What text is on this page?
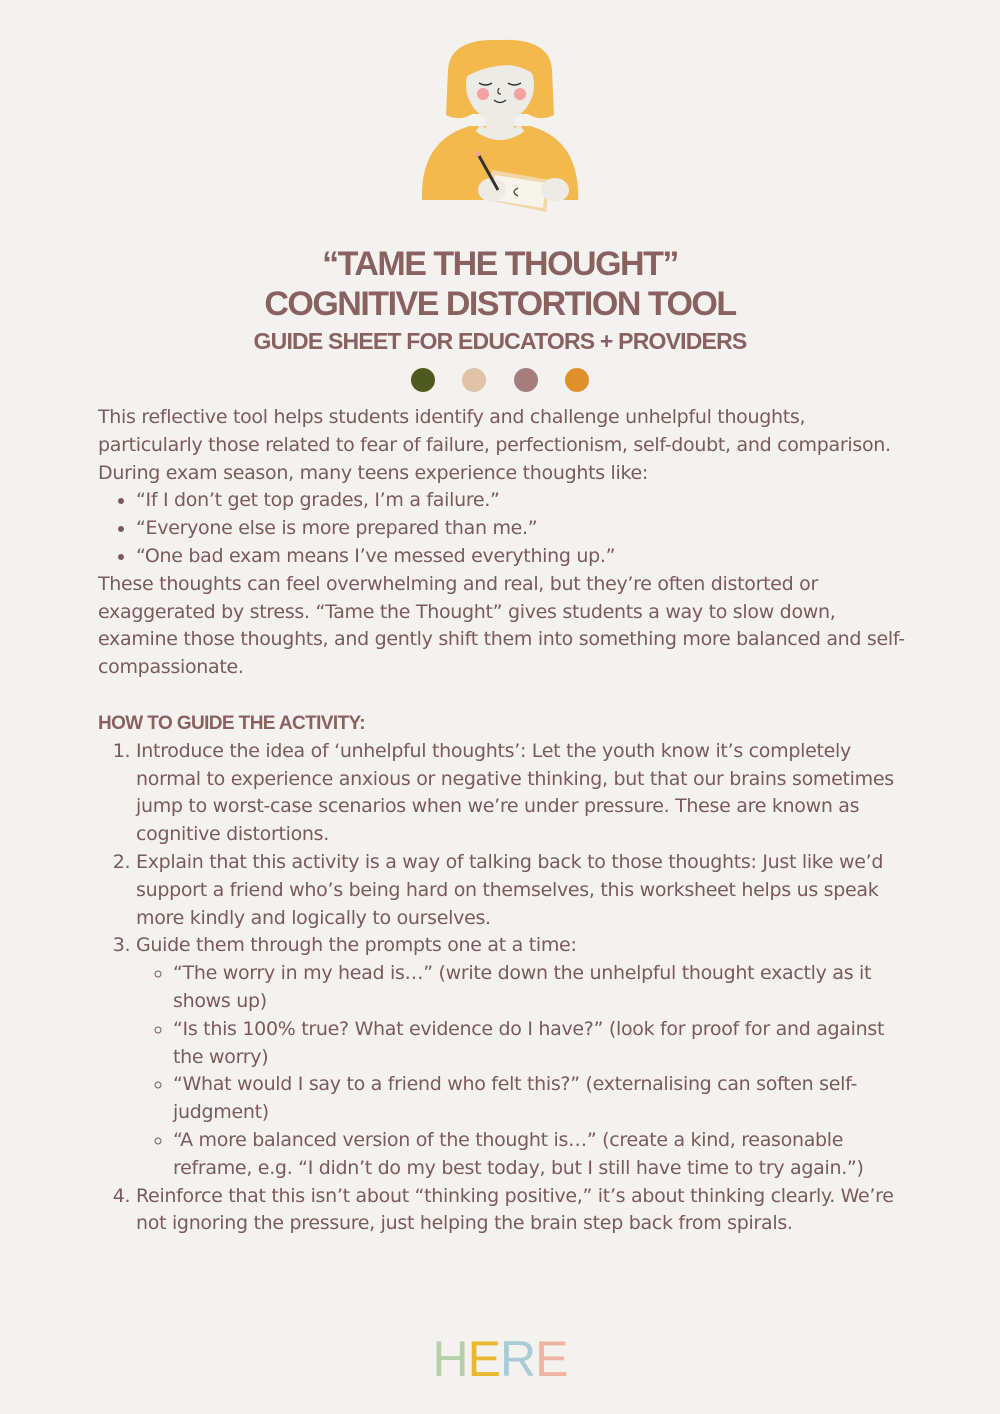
“TAME THE THOUGHT”
COGNITIVE DISTORTION TOOL
GUIDE SHEET FOR EDUCATORS + PROVIDERS

This reflective tool helps students identify and challenge unhelpful thoughts, particularly those related to fear of failure, perfectionism, self-doubt, and comparison. During exam season, many teens experience thoughts like:

• “If I don’t get top grades, I’m a failure.”
• “Everyone else is more prepared than me.”
• “One bad exam means I’ve messed everything up.”

These thoughts can feel overwhelming and real, but they’re often distorted or exaggerated by stress. “Tame the Thought” gives students a way to slow down, examine those thoughts, and gently shift them into something more balanced and self-compassionate.

HOW TO GUIDE THE ACTIVITY:
1. Introduce the idea of ‘unhelpful thoughts’: Let the youth know it’s completely normal to experience anxious or negative thinking, but that our brains sometimes jump to worst-case scenarios when we’re under pressure. These are known as cognitive distortions.
2. Explain that this activity is a way of talking back to those thoughts: Just like we’d support a friend who’s being hard on themselves, this worksheet helps us speak more kindly and logically to ourselves.
3. Guide them through the prompts one at a time:
◦ “The worry in my head is…” (write down the unhelpful thought exactly as it shows up)
◦ “Is this 100% true? What evidence do I have?” (look for proof for and against the worry)
◦ “What would I say to a friend who felt this?” (externalising can soften self-judgment)
◦ “A more balanced version of the thought is…” (create a kind, reasonable reframe, e.g. “I didn’t do my best today, but I still have time to try again.”)
4. Reinforce that this isn’t about “thinking positive,” it’s about thinking clearly. We’re not ignoring the pressure, just helping the brain step back from spirals.
HERE
